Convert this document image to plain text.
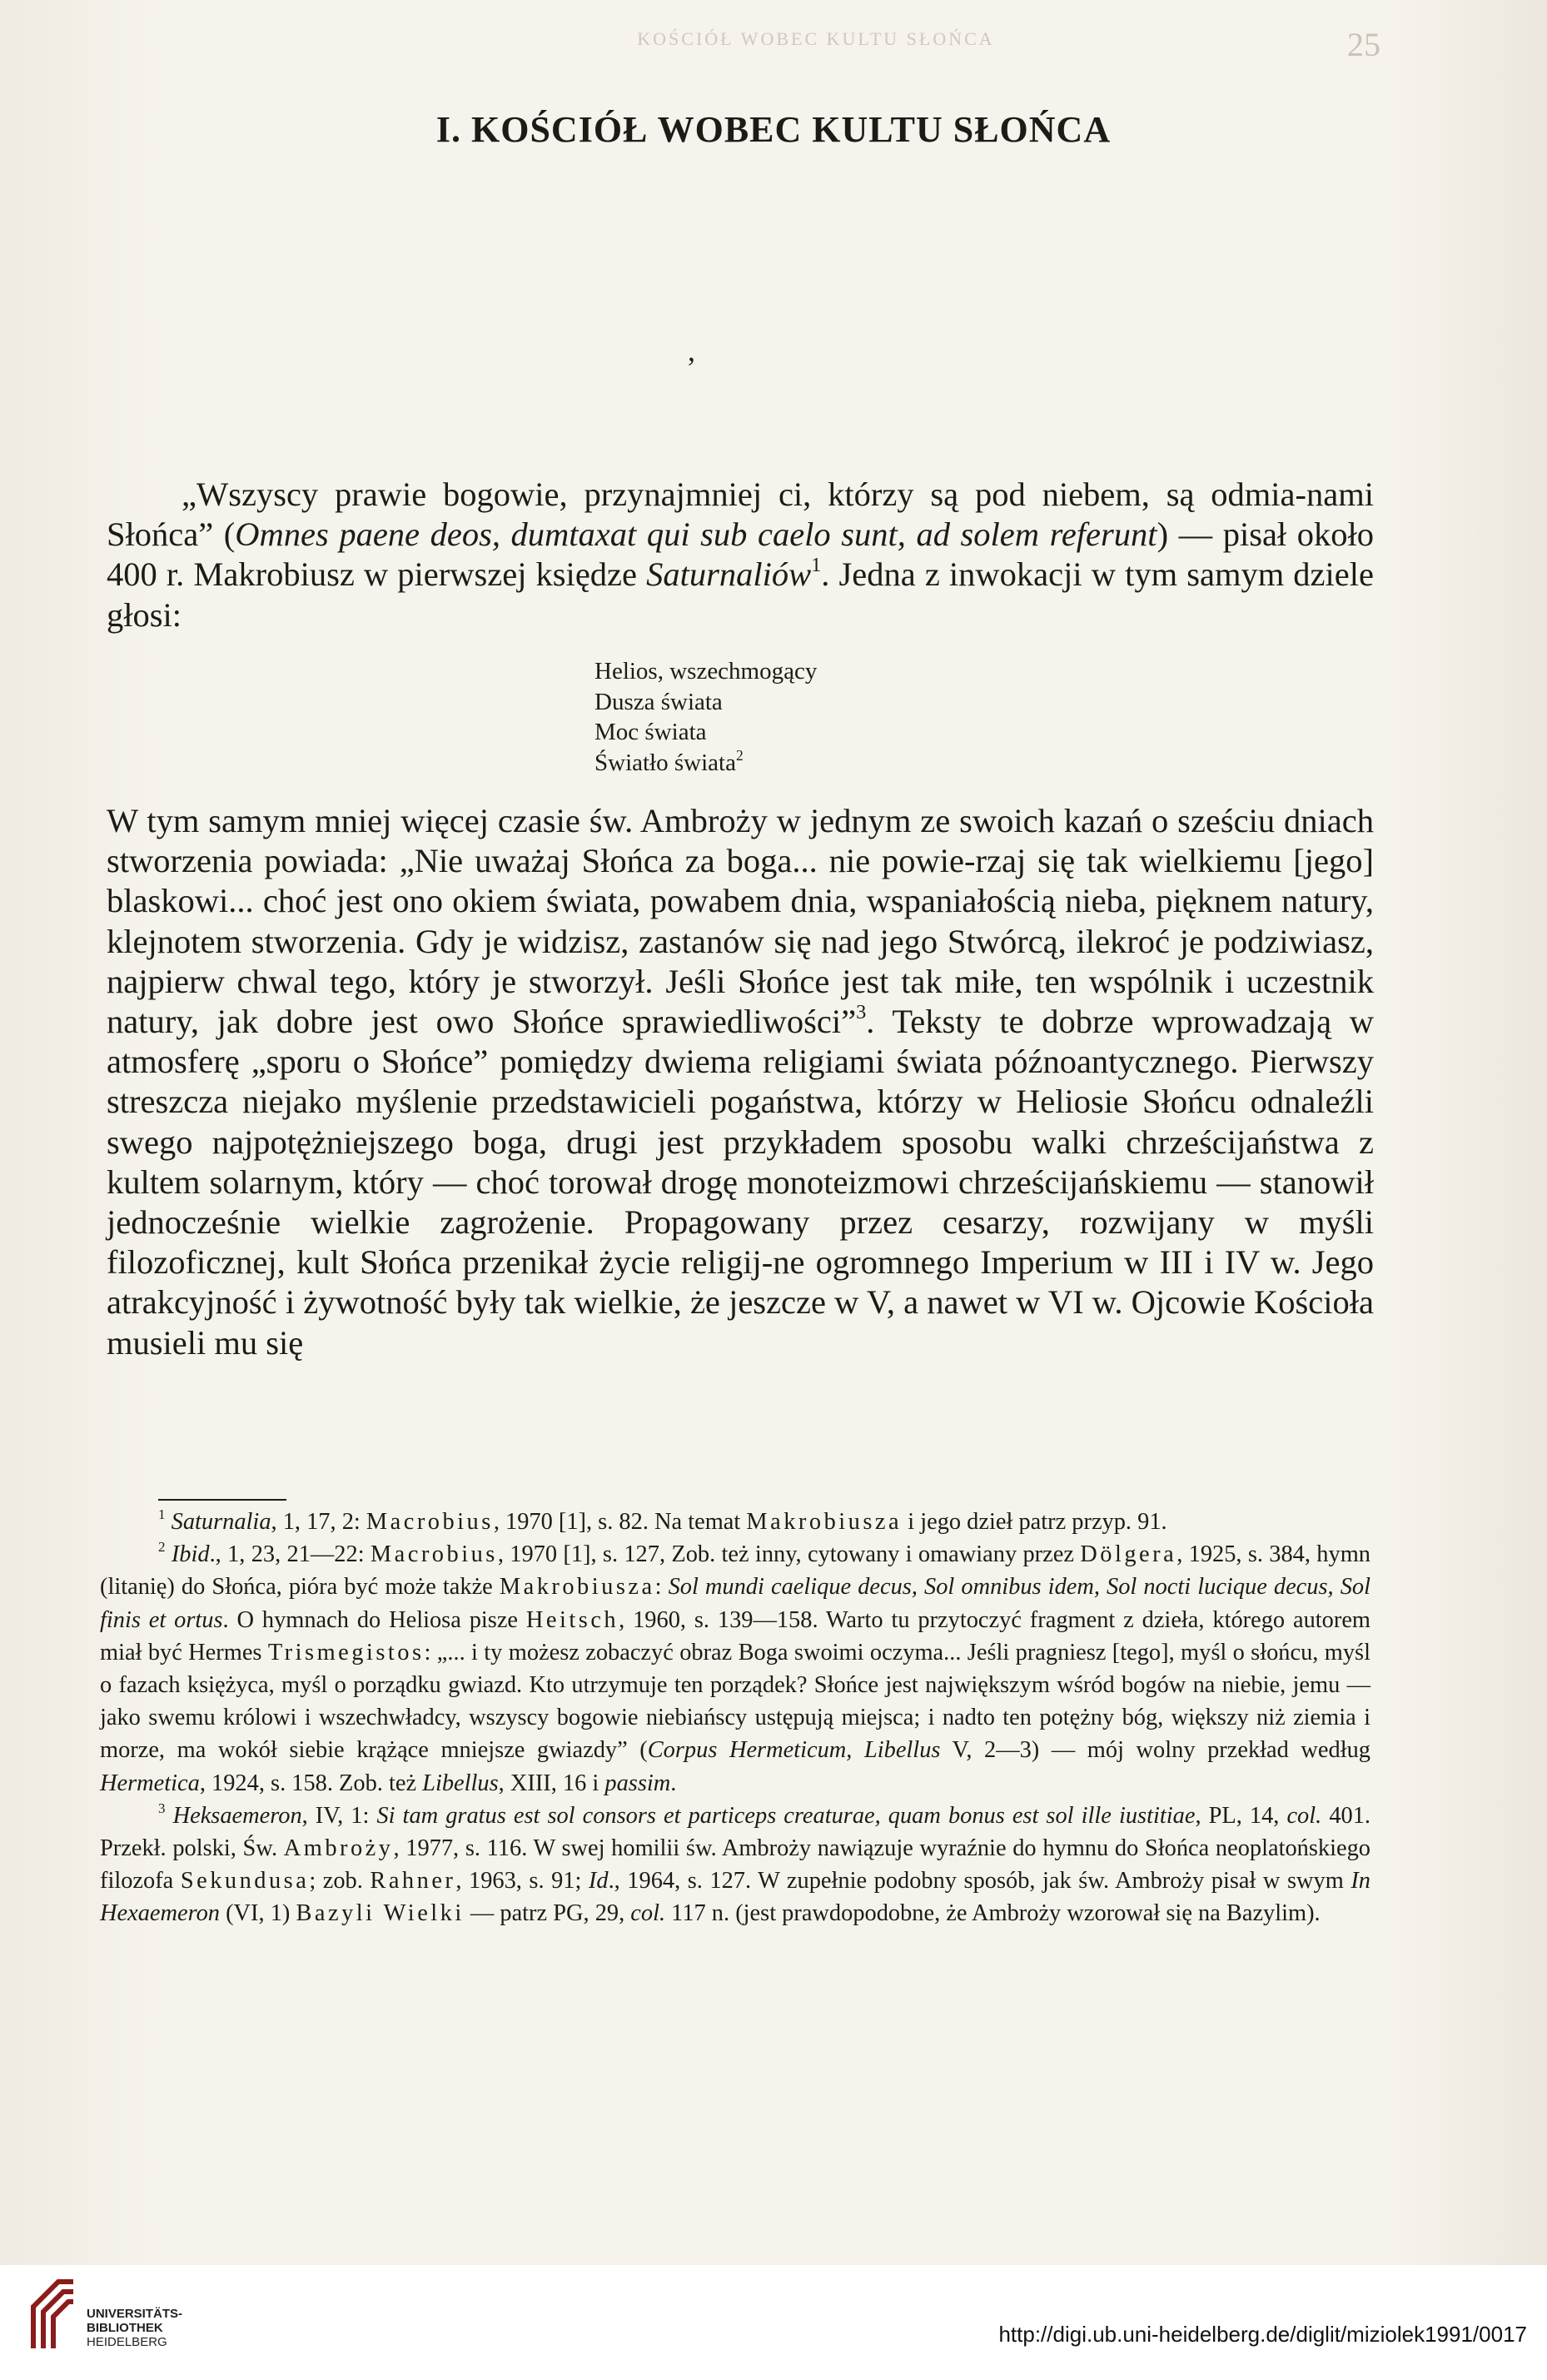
KOŚCIÓŁ WOBEC KULTU SŁOŃCA	25
I. KOŚCIÓŁ WOBEC KULTU SŁOŃCA
,
„Wszyscy prawie bogowie, przynajmniej ci, którzy są pod niebem, są odmia-nami Słońca” (Omnes paene deos, dumtaxat qui sub caelo sunt, ad solem referunt) — pisał około 400 r. Makrobiusz w pierwszej księdze Saturnaliów$^1$. Jedna z inwokacji w tym samym dziele głosi:
Helios, wszechmogący
Dusza świata
Moc świata
Światło świata$^2$
W tym samym mniej więcej czasie św. Ambroży w jednym ze swoich kazań o sześciu dniach stworzenia powiada: „Nie uważaj Słońca za boga... nie powie-rzaj się tak wielkiemu [jego] blaskowi... choć jest ono okiem świata, powabem dnia, wspaniałością nieba, pięknem natury, klejnotem stworzenia. Gdy je widzisz, zastanów się nad jego Stwórcą, ilekroć je podziwiasz, najpierw chwal tego, który je stworzył. Jeśli Słońce jest tak miłe, ten wspólnik i uczestnik natury, jak dobre jest owo Słońce sprawiedliwości”$^3$. Teksty te dobrze wprowadzają w atmosferę „sporu o Słońce” pomiędzy dwiema religiami świata późnoantycznego. Pierwszy streszcza niejako myślenie przedstawicieli pogaństwa, którzy w Heliosie Słońcu odnaleźli swego najpotężniejszego boga, drugi jest przykładem sposobu walki chrześcijaństwa z kultem solarnym, który — choć torował drogę monoteizmowi chrześcijańskiemu — stanowił jednocześnie wielkie zagrożenie. Propagowany przez cesarzy, rozwijany w myśli filozoficznej, kult Słońca przenikał życie religij-ne ogromnego Imperium w III i IV w. Jego atrakcyjność i żywotność były tak wielkie, że jeszcze w V, a nawet w VI w. Ojcowie Kościoła musieli mu się

$^1$ Saturnalia, 1, 17, 2: Macrobius, 1970 [1], s. 82. Na temat Makrobiusza i jego dzieł patrz przyp. 91.

$^2$ Ibid., 1, 23, 21—22: Macrobius, 1970 [1], s. 127, Zob. też inny, cytowany i omawiany przez Dölgera, 1925, s. 384, hymn (litanię) do Słońca, pióra być może także Makrobiusza: Sol mundi caelique decus, Sol omnibus idem, Sol nocti lucique decus, Sol finis et ortus. O hymnach do Heliosa pisze Heitsch, 1960, s. 139—158. Warto tu przytoczyć fragment z dzieła, którego autorem miał być Hermes Trismegistos: „... i ty możesz zobaczyć obraz Boga swoimi oczyma... Jeśli pragniesz [tego], myśl o słońcu, myśl o fazach księżyca, myśl o porządku gwiazd. Kto utrzymuje ten porządek? Słońce jest największym wśród bogów na niebie, jemu — jako swemu królowi i wszechwładcy, wszyscy bogowie niebiańscy ustępują miejsca; i nadto ten potężny bóg, większy niż ziemia i morze, ma wokół siebie krążące mniejsze gwiazdy” (Corpus Hermeticum, Libellus V, 2—3) — mój wolny przekład według Hermetica, 1924, s. 158. Zob. też Libellus, XIII, 16 i passim.

$^3$ Heksaemeron, IV, 1: Si tam gratus est sol consors et particeps creaturae, quam bonus est sol ille iustitiae, PL, 14, col. 401. Przekł. polski, Św. Ambroży, 1977, s. 116. W swej homilii św. Ambroży nawiązuje wyraźnie do hymnu do Słońca neoplatońskiego filozofa Sekundusa; zob. Rahner, 1963, s. 91; Id., 1964, s. 127. W zupełnie podobny sposób, jak św. Ambroży pisał w swym In Hexaemeron (VI, 1) Bazyli Wielki — patrz PG, 29, col. 117 n. (jest prawdopodobne, że Ambroży wzorował się na Bazylim).

UNIVERSITÄTS-
BIBLIOTHEK
HEIDELBERG	http://digi.ub.uni-heidelberg.de/diglit/miziolek1991/0017
